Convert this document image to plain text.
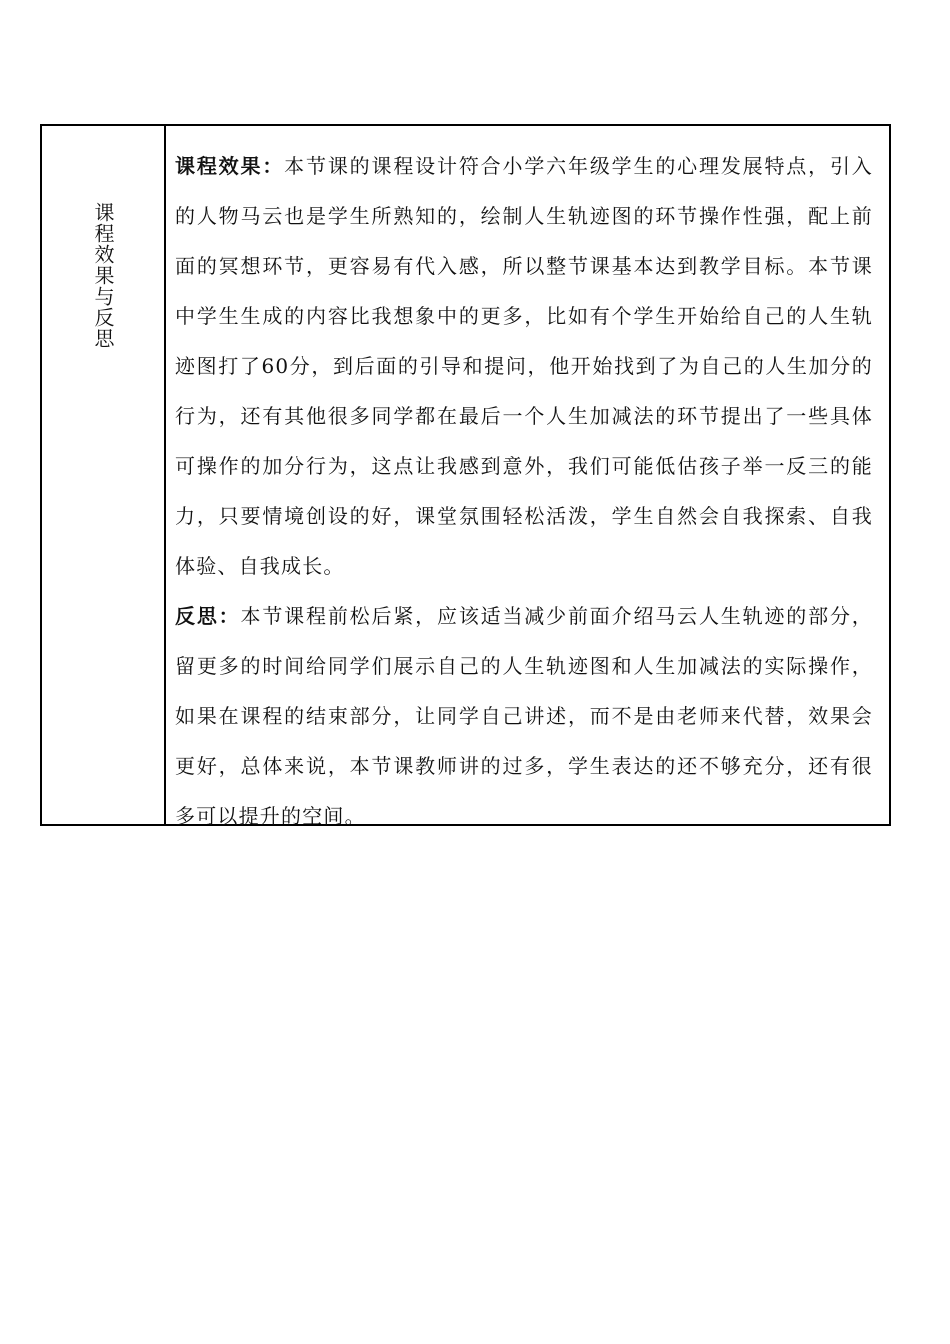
课程效果与反思

课程效果：本节课的课程设计符合小学六年级学生的心理发展特点，引入的人物马云也是学生所熟知的，绘制人生轨迹图的环节操作性强，配上前面的冥想环节，更容易有代入感，所以整节课基本达到教学目标。本节课中学生生成的内容比我想象中的更多，比如有个学生开始给自己的人生轨迹图打了60分，到后面的引导和提问，他开始找到了为自己的人生加分的行为，还有其他很多同学都在最后一个人生加减法的环节提出了一些具体可操作的加分行为，这点让我感到意外，我们可能低估孩子举一反三的能力，只要情境创设的好，课堂氛围轻松活泼，学生自然会自我探索、自我体验、自我成长。

反思：本节课程前松后紧，应该适当减少前面介绍马云人生轨迹的部分，留更多的时间给同学们展示自己的人生轨迹图和人生加减法的实际操作，如果在课程的结束部分，让同学自己讲述，而不是由老师来代替，效果会更好，总体来说，本节课教师讲的过多，学生表达的还不够充分，还有很多可以提升的空间。
